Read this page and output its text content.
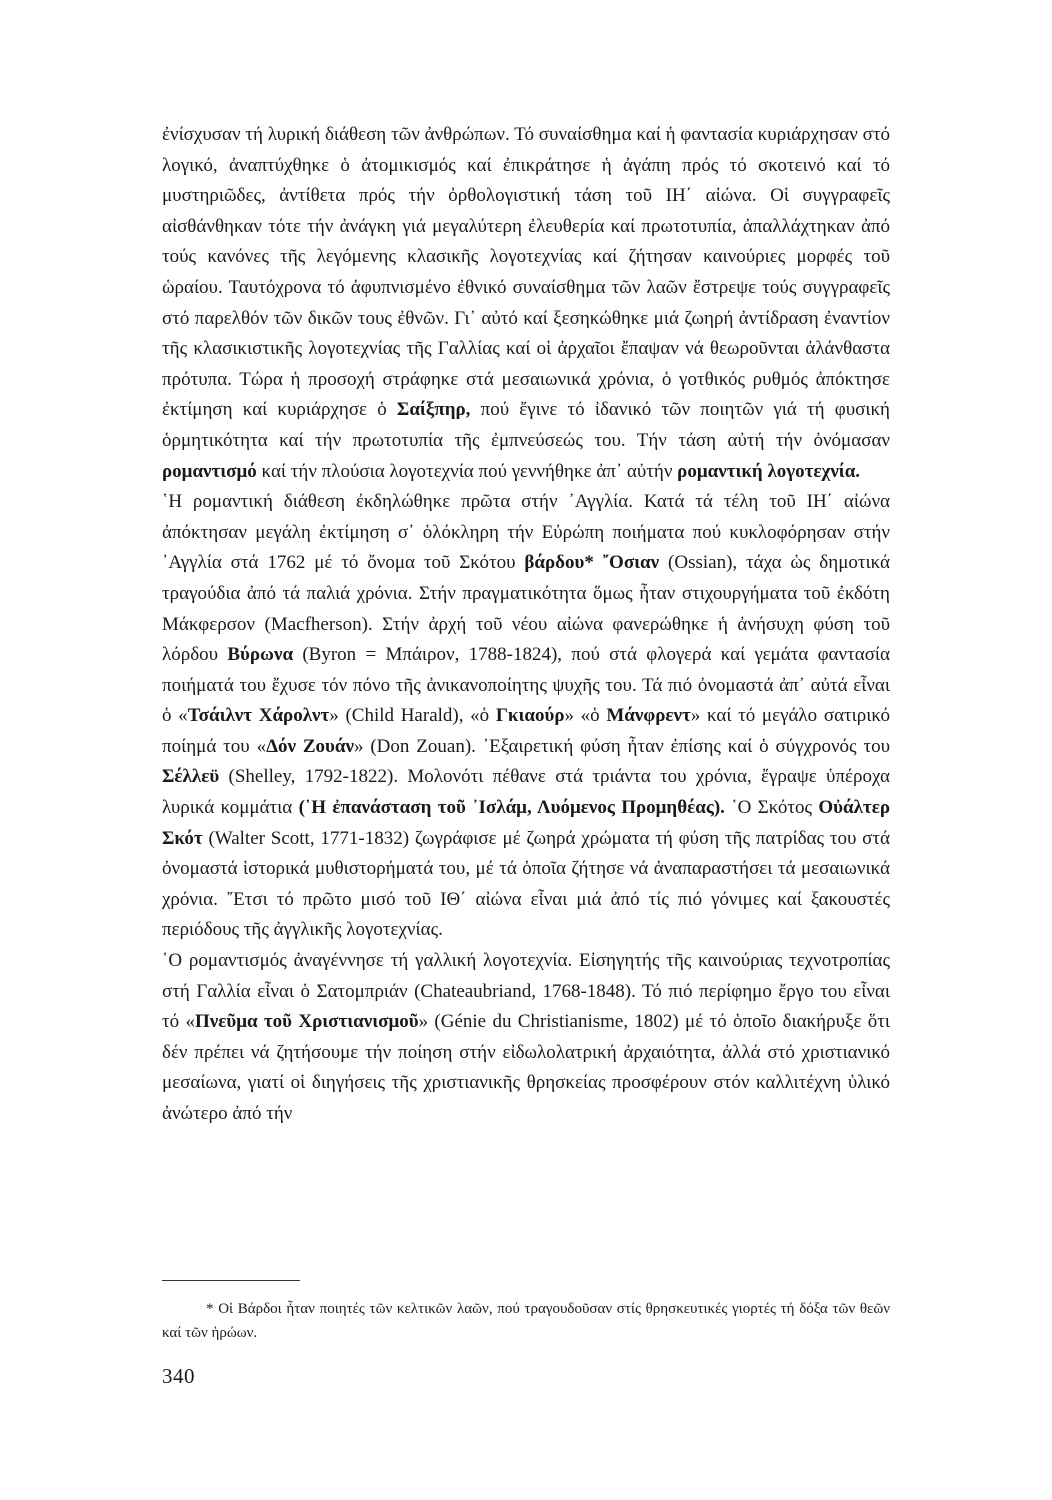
ἐνίσχυσαν τή λυρική διάθεση τῶν ἀνθρώπων. Τό συναίσθημα καί ἡ φαντασία κυριάρχησαν στό λογικό, ἀναπτύχθηκε ὁ ἀτομικισμός καί ἐπικράτησε ἡ ἀγάπη πρός τό σκοτεινό καί τό μυστηριῶδες, ἀντίθετα πρός τήν ὀρθολογιστική τάση τοῦ ΙΗ΄ αἰώνα. Οἱ συγγραφεῖς αἰσθάνθηκαν τότε τήν ἀνάγκη γιά μεγαλύτερη ἐλευθερία καί πρωτοτυπία, ἀπαλλάχτηκαν ἀπό τούς κανόνες τῆς λεγόμενης κλασικῆς λογοτεχνίας καί ζήτησαν καινούριες μορφές τοῦ ὡραίου. Ταυτόχρονα τό ἀφυπνισμένο ἐθνικό συναίσθημα τῶν λαῶν ἔστρεψε τούς συγγραφεῖς στό παρελθόν τῶν δικῶν τους ἐθνῶν. Γι᾿ αὐτό καί ξεσηκώθηκε μιά ζωηρή ἀντίδραση ἐναντίον τῆς κλασικιστικῆς λογοτεχνίας τῆς Γαλλίας καί οἱ ἀρχαῖοι ἔπαψαν νά θεωροῦνται ἀλάνθαστα πρότυπα. Τώρα ἡ προσοχή στράφηκε στά μεσαιωνικά χρόνια, ὁ γοτθικός ρυθμός ἀπόκτησε ἐκτίμηση καί κυριάρχησε ὁ Σαίξπηρ, πού ἔγινε τό ἰδανικό τῶν ποιητῶν γιά τή φυσική ὁρμητικότητα καί τήν πρωτοτυπία τῆς ἐμπνεύσεώς του. Τήν τάση αὐτή τήν ὀνόμασαν ρομαντισμό καί τήν πλούσια λογοτεχνία πού γεννήθηκε ἀπ᾿ αὐτήν ρομαντική λογοτεχνία.

῾Η ρομαντική διάθεση ἐκδηλώθηκε πρῶτα στήν ᾿Αγγλία. Κατά τά τέλη τοῦ ΙΗ΄ αἰώνα ἀπόκτησαν μεγάλη ἐκτίμηση σ᾿ ὁλόκληρη τήν Εὐρώπη ποιήματα πού κυκλοφόρησαν στήν ᾿Αγγλία στά 1762 μέ τό ὄνομα τοῦ Σκότου βάρδου* ῎Οσιαν (Ossian), τάχα ὡς δημοτικά τραγούδια ἀπό τά παλιά χρόνια. Στήν πραγματικότητα ὅμως ἦταν στιχουργήματα τοῦ ἐκδότη Μάκφερσον (Macfherson). Στήν ἀρχή τοῦ νέου αἰώνα φανερώθηκε ἡ ἀνήσυχη φύση τοῦ λόρδου Βύρωνα (Byron = Μπάιρον, 1788-1824), πού στά φλογερά καί γεμάτα φαντασία ποιήματά του ἔχυσε τόν πόνο τῆς ἀνικανοποίητης ψυχῆς του. Τά πιό ὀνομαστά ἀπ᾿ αὐτά εἶναι ὁ «Τσάιλντ Χάρολντ» (Child Harald), «ὁ Γκιαούρ» «ὁ Μάνφρεντ» καί τό μεγάλο σατιρικό ποίημά του «Δόν Ζουάν» (Don Zouan). ᾿Εξαιρετική φύση ἦταν ἐπίσης καί ὁ σύγχρονός του Σέλλεϋ (Shelley, 1792-1822). Μολονότι πέθανε στά τριάντα του χρόνια, ἔγραψε ὑπέροχα λυρικά κομμάτια (῾Η ἐπανάσταση τοῦ ᾿Ισλάμ, Λυόμενος Προμηθέας). ῾Ο Σκότος Οὐάλτερ Σκότ (Walter Scott, 1771-1832) ζωγράφισε μέ ζωηρά χρώματα τή φύση τῆς πατρίδας του στά ὀνομαστά ἱστορικά μυθιστορήματά του, μέ τά ὁποῖα ζήτησε νά ἀναπαραστήσει τά μεσαιωνικά χρόνια. ῎Ετσι τό πρῶτο μισό τοῦ ΙΘ΄ αἰώνα εἶναι μιά ἀπό τίς πιό γόνιμες καί ξακουστές περιόδους τῆς ἀγγλικῆς λογοτεχνίας.

῾Ο ρομαντισμός ἀναγέννησε τή γαλλική λογοτεχνία. Εἰσηγητής τῆς καινούριας τεχνοτροπίας στή Γαλλία εἶναι ὁ Σατομπριάν (Chateaubriand, 1768-1848). Τό πιό περίφημο ἔργο του εἶναι τό «Πνεῦμα τοῦ Χριστιανισμοῦ» (Génie du Christianisme, 1802) μέ τό ὁποῖο διακήρυξε ὅτι δέν πρέπει νά ζητήσουμε τήν ποίηση στήν εἰδωλολατρική ἀρχαιότητα, ἀλλά στό χριστιανικό μεσαίωνα, γιατί οἱ διηγήσεις τῆς χριστιανικῆς θρησκείας προσφέρουν στόν καλλιτέχνη ὑλικό ἀνώτερο ἀπό τήν

* Οἱ Βάρδοι ἦταν ποιητές τῶν κελτικῶν λαῶν, πού τραγουδοῦσαν στίς θρησκευτικές γιορτές τή δόξα τῶν θεῶν καί τῶν ἡρώων.
340
